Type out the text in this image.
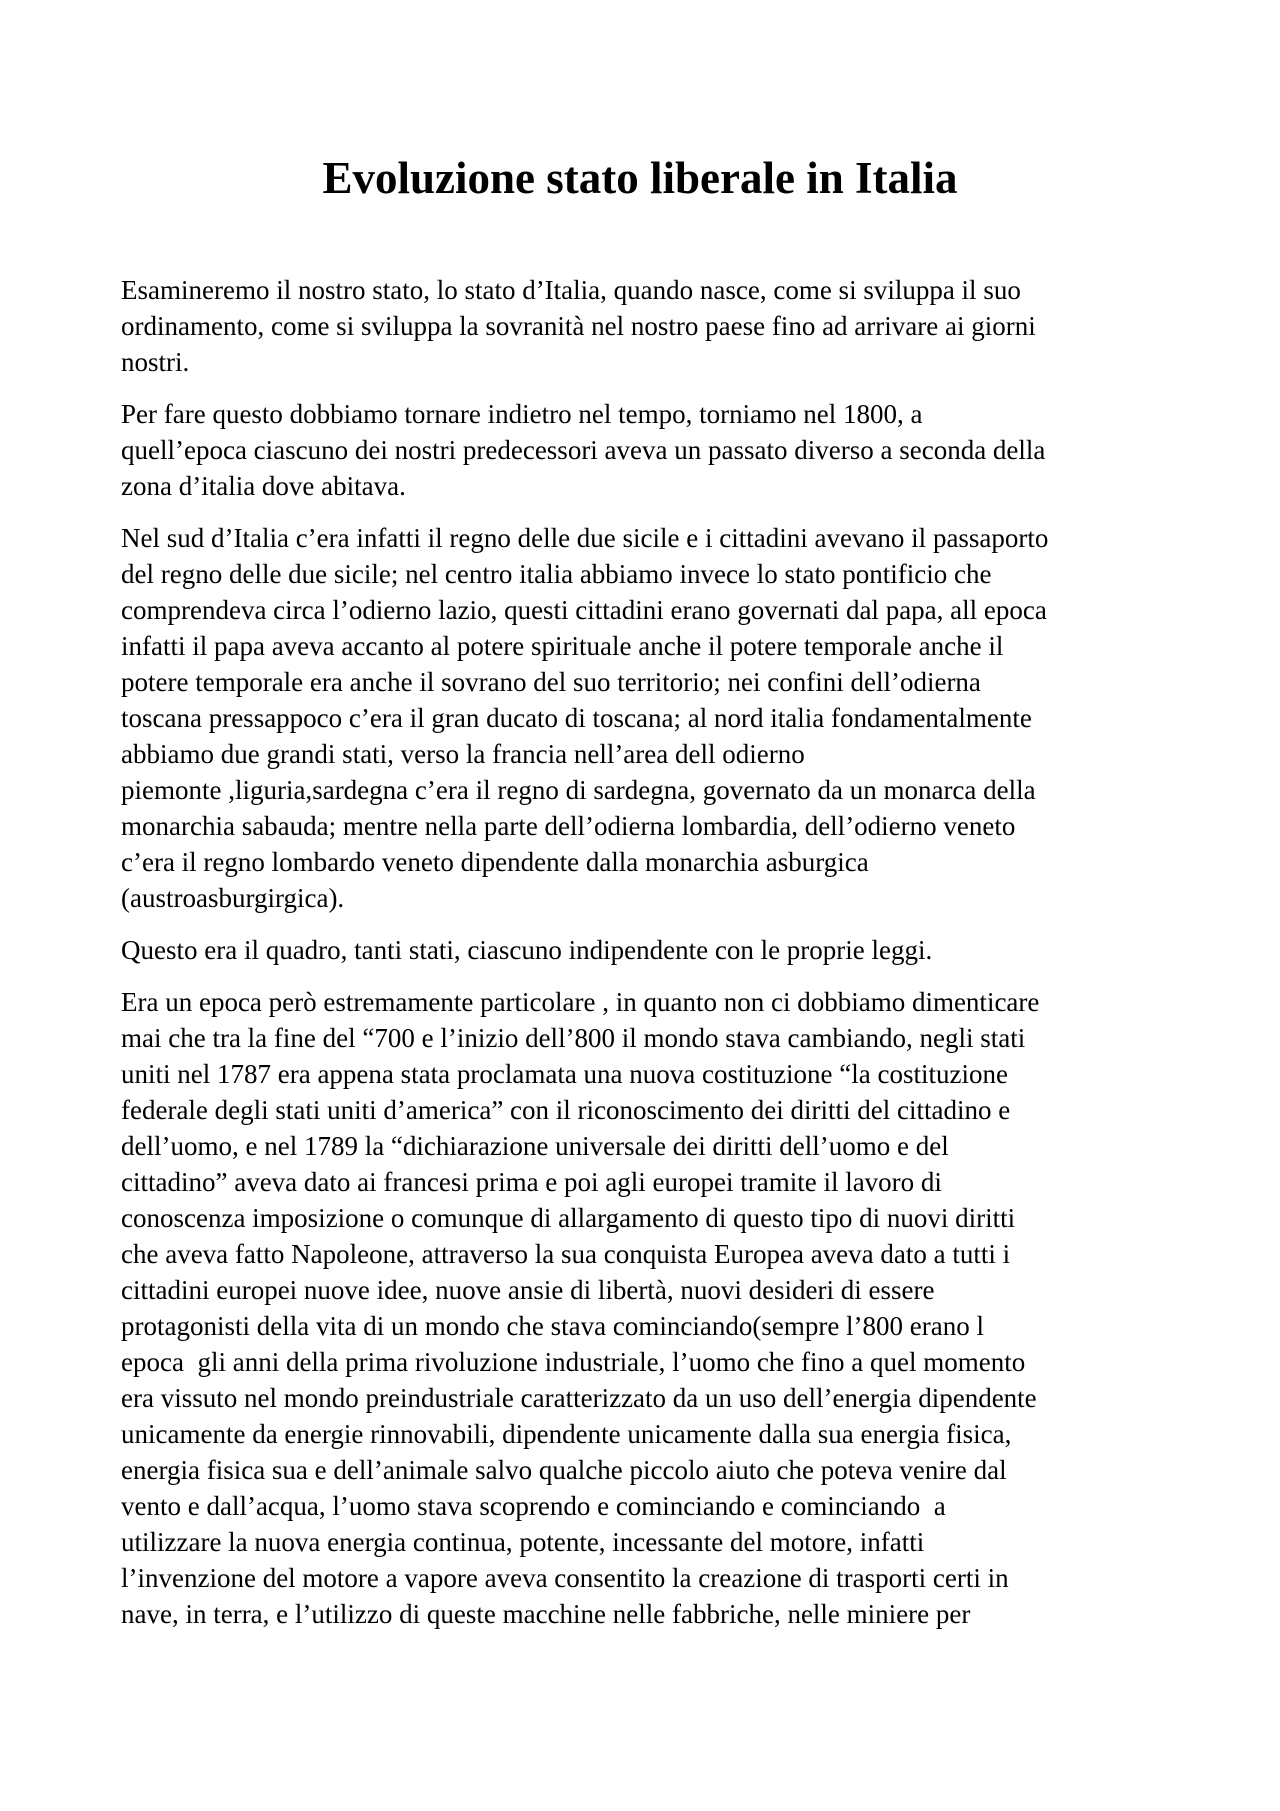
Evoluzione stato liberale in Italia

Esamineremo il nostro stato, lo stato d’Italia, quando nasce, come si sviluppa il suo
ordinamento, come si sviluppa la sovranità nel nostro paese fino ad arrivare ai giorni
nostri.

Per fare questo dobbiamo tornare indietro nel tempo, torniamo nel 1800, a
quell’epoca ciascuno dei nostri predecessori aveva un passato diverso a seconda della
zona d’italia dove abitava.

Nel sud d’Italia c’era infatti il regno delle due sicile e i cittadini avevano il passaporto
del regno delle due sicile; nel centro italia abbiamo invece lo stato pontificio che
comprendeva circa l’odierno lazio, questi cittadini erano governati dal papa, all epoca
infatti il papa aveva accanto al potere spirituale anche il potere temporale anche il
potere temporale era anche il sovrano del suo territorio; nei confini dell’odierna
toscana pressappoco c’era il gran ducato di toscana; al nord italia fondamentalmente
abbiamo due grandi stati, verso la francia nell’area dell odierno
piemonte ,liguria,sardegna c’era il regno di sardegna, governato da un monarca della
monarchia sabauda; mentre nella parte dell’odierna lombardia, dell’odierno veneto
c’era il regno lombardo veneto dipendente dalla monarchia asburgica
(austroasburgirgica).

Questo era il quadro, tanti stati, ciascuno indipendente con le proprie leggi.

Era un epoca però estremamente particolare , in quanto non ci dobbiamo dimenticare
mai che tra la fine del “700 e l’inizio dell’800 il mondo stava cambiando, negli stati
uniti nel 1787 era appena stata proclamata una nuova costituzione “la costituzione
federale degli stati uniti d’america” con il riconoscimento dei diritti del cittadino e
dell’uomo, e nel 1789 la “dichiarazione universale dei diritti dell’uomo e del
cittadino” aveva dato ai francesi prima e poi agli europei tramite il lavoro di
conoscenza imposizione o comunque di allargamento di questo tipo di nuovi diritti
che aveva fatto Napoleone, attraverso la sua conquista Europea aveva dato a tutti i
cittadini europei nuove idee, nuove ansie di libertà, nuovi desideri di essere
protagonisti della vita di un mondo che stava cominciando(sempre l’800 erano l
epoca  gli anni della prima rivoluzione industriale, l’uomo che fino a quel momento
era vissuto nel mondo preindustriale caratterizzato da un uso dell’energia dipendente
unicamente da energie rinnovabili, dipendente unicamente dalla sua energia fisica,
energia fisica sua e dell’animale salvo qualche piccolo aiuto che poteva venire dal
vento e dall’acqua, l’uomo stava scoprendo e cominciando e cominciando  a
utilizzare la nuova energia continua, potente, incessante del motore, infatti
l’invenzione del motore a vapore aveva consentito la creazione di trasporti certi in
nave, in terra, e l’utilizzo di queste macchine nelle fabbriche, nelle miniere per
